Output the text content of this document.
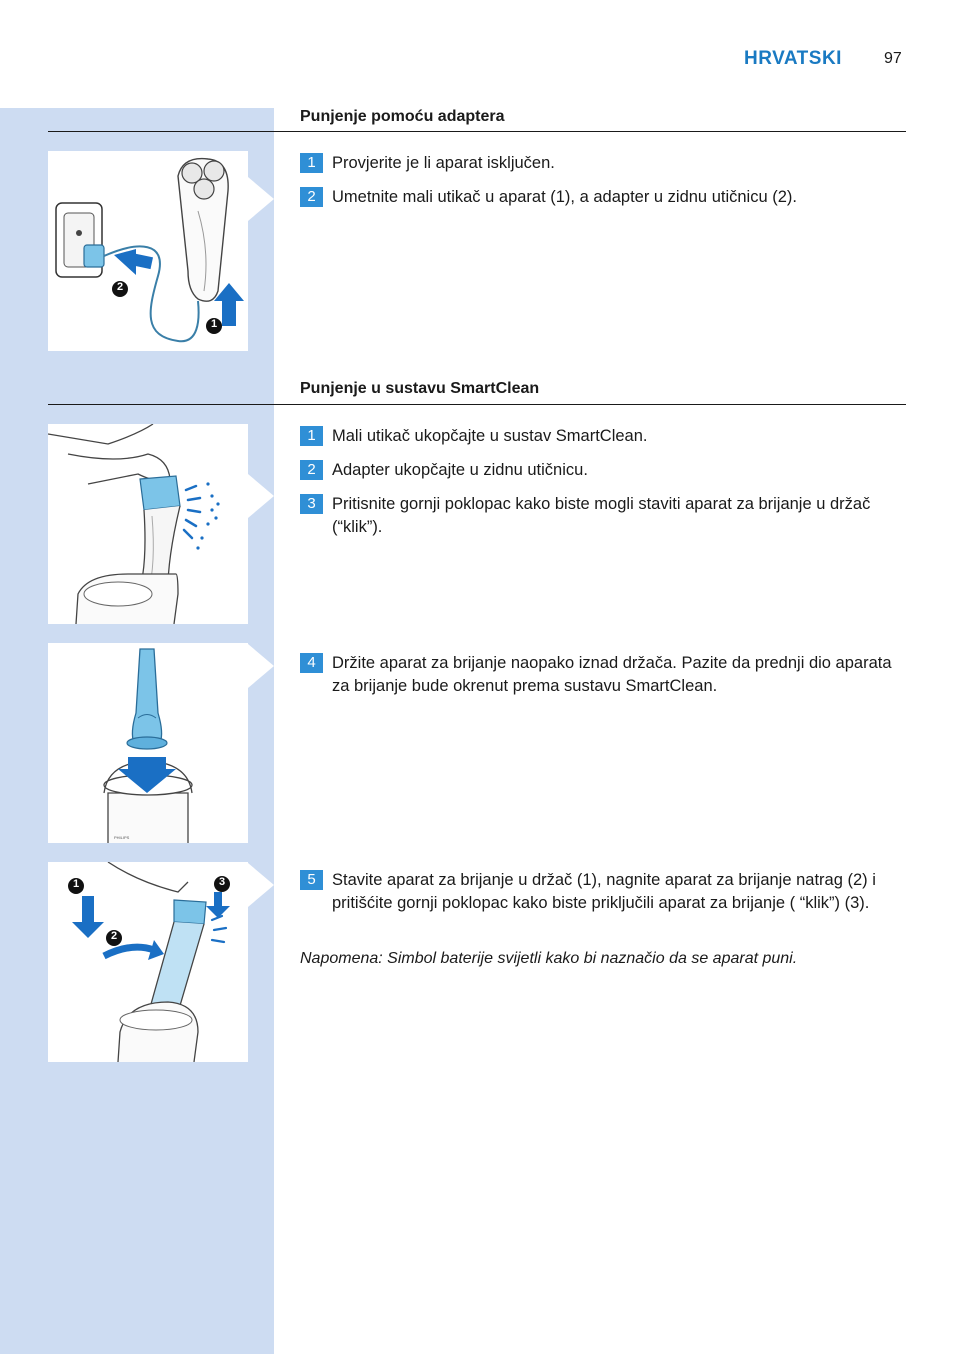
HRVATSKI	97
Punjenje pomoću adaptera
1
2
1 Provjerite je li aparat isključen.
2 Umetnite mali utikač u aparat (1), a adapter u zidnu utičnicu (2).
Punjenje u sustavu SmartClean
1 Mali utikač ukopčajte u sustav SmartClean.
2 Adapter ukopčajte u zidnu utičnicu.
3 Pritisnite gornji poklopac kako biste mogli staviti aparat za brijanje u držač (“klik”).
PHILIPS
4 Držite aparat za brijanje naopako iznad držača. Pazite da prednji dio aparata za brijanje bude okrenut prema sustavu SmartClean.
1
2
3	5 Stavite aparat za brijanje u držač (1), nagnite aparat za brijanje natrag (2) i pritišćite gornji poklopac kako biste priključili aparat za brijanje ( “klik”) (3).
Napomena: Simbol baterije svijetli kako bi naznačio da se aparat puni.
